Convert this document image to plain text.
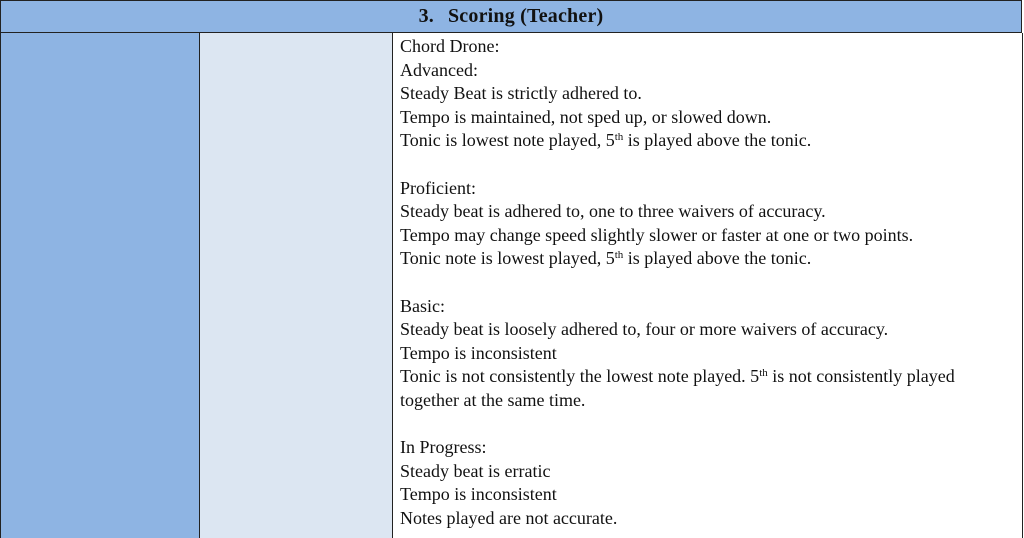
3. Scoring (Teacher)
Chord Drone:
Advanced:
Steady Beat is strictly adhered to.
Tempo is maintained, not sped up, or slowed down.
Tonic is lowest note played, 5th is played above the tonic.
Proficient:
Steady beat is adhered to, one to three waivers of accuracy.
Tempo may change speed slightly slower or faster at one or two points.
Tonic note is lowest played, 5th is played above the tonic.
Basic:
Steady beat is loosely adhered to, four or more waivers of accuracy.
Tempo is inconsistent
Tonic is not consistently the lowest note played. 5th is not consistently played together at the same time.
In Progress:
Steady beat is erratic
Tempo is inconsistent
Notes played are not accurate.
